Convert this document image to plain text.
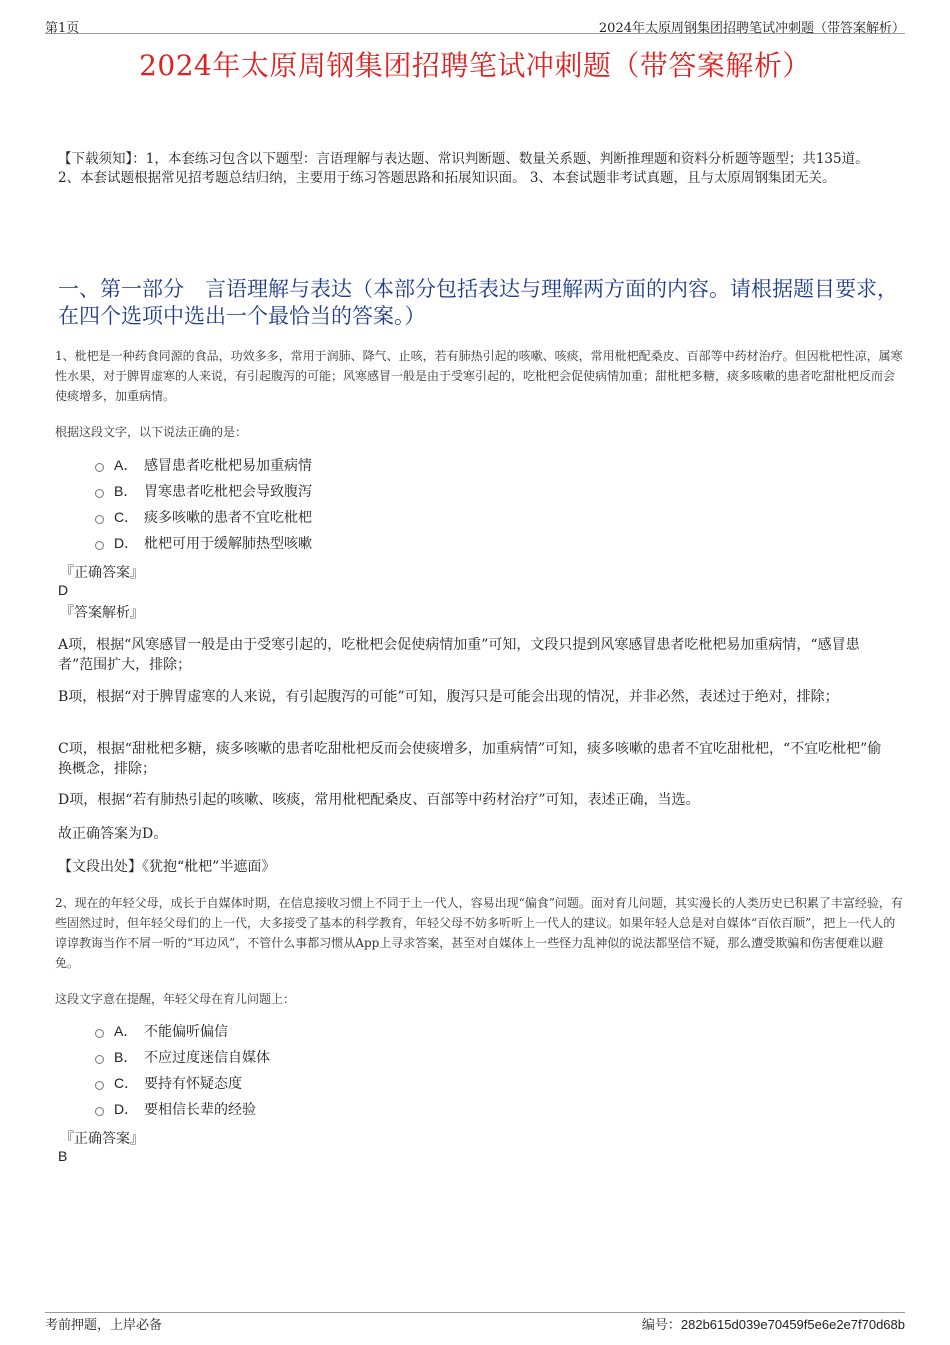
第1页	2024年太原周钢集团招聘笔试冲刺题（带答案解析）
2024年太原周钢集团招聘笔试冲刺题（带答案解析）
【下载须知】：1，本套练习包含以下题型：言语理解与表达题、常识判断题、数量关系题、判断推理题和资料分析题等题型；共135道。 2、本套试题根据常见招考题总结归纳，主要用于练习答题思路和拓展知识面。 3、本套试题非考试真题，且与太原周钢集团无关。
一、第一部分　言语理解与表达（本部分包括表达与理解两方面的内容。请根据题目要求，在四个选项中选出一个最恰当的答案。）
1、枇杷是一种药食同源的食品，功效多多，常用于润肺、降气、止咳，若有肺热引起的咳嗽、咳痰，常用枇杷配桑皮、百部等中药材治疗。但因枇杷性凉，属寒性水果，对于脾胃虚寒的人来说，有引起腹泻的可能；风寒感冒一般是由于受寒引起的，吃枇杷会促使病情加重；甜枇杷多糖，痰多咳嗽的患者吃甜枇杷反而会使痰增多，加重病情。
根据这段文字，以下说法正确的是：
A． 感冒患者吃枇杷易加重病情
B． 胃寒患者吃枇杷会导致腹泻
C． 痰多咳嗽的患者不宜吃枇杷
D． 枇杷可用于缓解肺热型咳嗽
『正确答案』
D
『答案解析』
A项，根据“风寒感冒一般是由于受寒引起的，吃枇杷会促使病情加重”可知，文段只提到风寒感冒患者吃枇杷易加重病情，“感冒患者”范围扩大，排除；
B项，根据“对于脾胃虚寒的人来说，有引起腹泻的可能”可知，腹泻只是可能会出现的情况，并非必然，表述过于绝对，排除；
C项，根据“甜枇杷多糖，痰多咳嗽的患者吃甜枇杷反而会使痰增多，加重病情”可知，痰多咳嗽的患者不宜吃甜枇杷，“不宜吃枇杷”偷换概念，排除；
D项，根据“若有肺热引起的咳嗽、咳痰，常用枇杷配桑皮、百部等中药材治疗”可知，表述正确，当选。
故正确答案为D。
【文段出处】《犹抱“枇杷”半遮面》
2、现在的年轻父母，成长于自媒体时期，在信息接收习惯上不同于上一代人，容易出现“偏食”问题。面对育儿问题，其实漫长的人类历史已积累了丰富经验，有些固然过时，但年轻父母们的上一代，大多接受了基本的科学教育，年轻父母不妨多听听上一代人的建议。如果年轻人总是对自媒体“百依百顺”，把上一代人的谆谆教诲当作不屑一听的“耳边风”，不管什么事都习惯从App上寻求答案，甚至对自媒体上一些怪力乱神似的说法都坚信不疑，那么遭受欺骗和伤害便难以避免。
这段文字意在提醒，年轻父母在育儿问题上：
A． 不能偏听偏信
B． 不应过度迷信自媒体
C． 要持有怀疑态度
D． 要相信长辈的经验
『正确答案』
B
考前押题，上岸必备	编号：282b615d039e70459f5e6e2e7f70d68b
